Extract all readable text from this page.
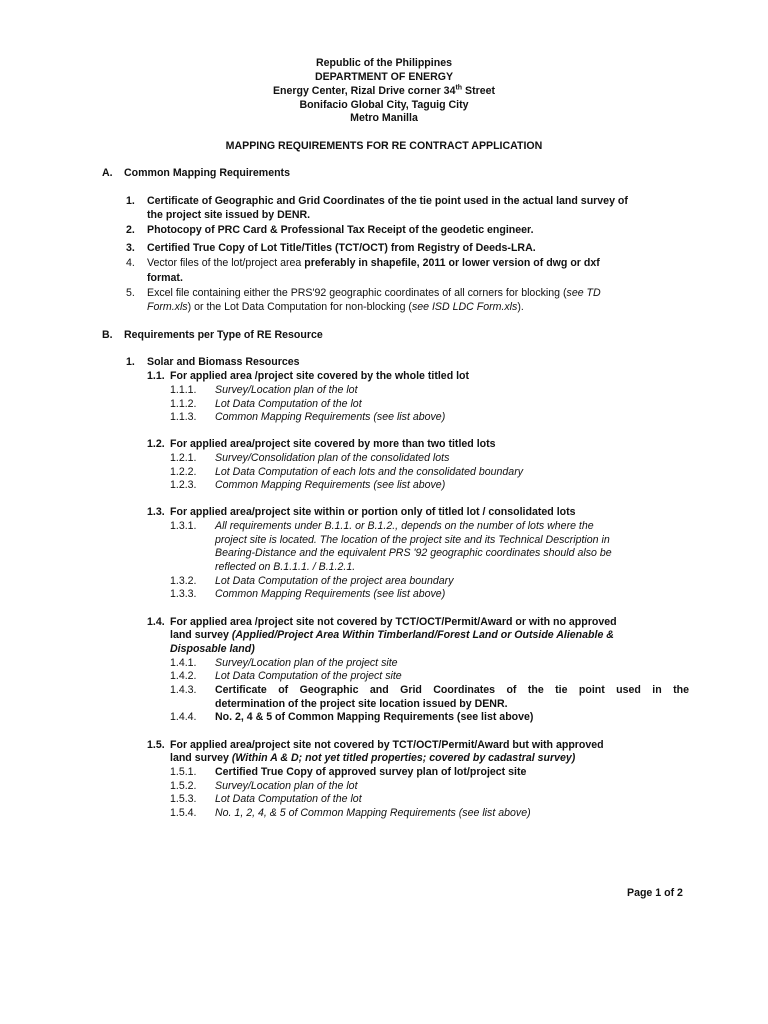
Republic of the Philippines
DEPARTMENT OF ENERGY
Energy Center, Rizal Drive corner 34th Street
Bonifacio Global City, Taguig City
Metro Manilla
MAPPING REQUIREMENTS FOR RE CONTRACT APPLICATION
A. Common Mapping Requirements
1. Certificate of Geographic and Grid Coordinates of the tie point used in the actual land survey of
the project site issued by DENR.
2. Photocopy of PRC Card & Professional Tax Receipt of the geodetic engineer.
3. Certified True Copy of Lot Title/Titles (TCT/OCT) from Registry of Deeds-LRA.
4. Vector files of the lot/project area preferably in shapefile, 2011 or lower version of dwg or dxf
format.
5. Excel file containing either the PRS'92 geographic coordinates of all corners for blocking (see TD
Form.xls) or the Lot Data Computation for non-blocking (see ISD LDC Form.xls).
B. Requirements per Type of RE Resource
1. Solar and Biomass Resources
1.1. For applied area /project site covered by the whole titled lot
1.1.1. Survey/Location plan of the lot
1.1.2. Lot Data Computation of the lot
1.1.3. Common Mapping Requirements (see list above)
1.2. For applied area/project site covered by more than two titled lots
1.2.1. Survey/Consolidation plan of the consolidated lots
1.2.2. Lot Data Computation of each lots and the consolidated boundary
1.2.3. Common Mapping Requirements (see list above)
1.3. For applied area/project site within or portion only of titled lot / consolidated lots
1.3.1. All requirements under B.1.1. or B.1.2., depends on the number of lots where the
project site is located. The location of the project site and its Technical Description in
Bearing-Distance and the equivalent PRS '92 geographic coordinates should also be
reflected on B.1.1.1. / B.1.2.1.
1.3.2. Lot Data Computation of the project area boundary
1.3.3. Common Mapping Requirements (see list above)
1.4. For applied area /project site not covered by TCT/OCT/Permit/Award or with no approved
land survey (Applied/Project Area Within Timberland/Forest Land or Outside Alienable &
Disposable land)
1.4.1. Survey/Location plan of the project site
1.4.2. Lot Data Computation of the project site
1.4.3. Certificate of Geographic and Grid Coordinates of the tie point used in the
determination of the project site location issued by DENR.
1.4.4. No. 2, 4 & 5 of Common Mapping Requirements (see list above)
1.5. For applied area/project site not covered by TCT/OCT/Permit/Award but with approved
land survey (Within A & D; not yet titled properties; covered by cadastral survey)
1.5.1. Certified True Copy of approved survey plan of lot/project site
1.5.2. Survey/Location plan of the lot
1.5.3. Lot Data Computation of the lot
1.5.4. No. 1, 2, 4, & 5 of Common Mapping Requirements (see list above)
Page 1 of 2
